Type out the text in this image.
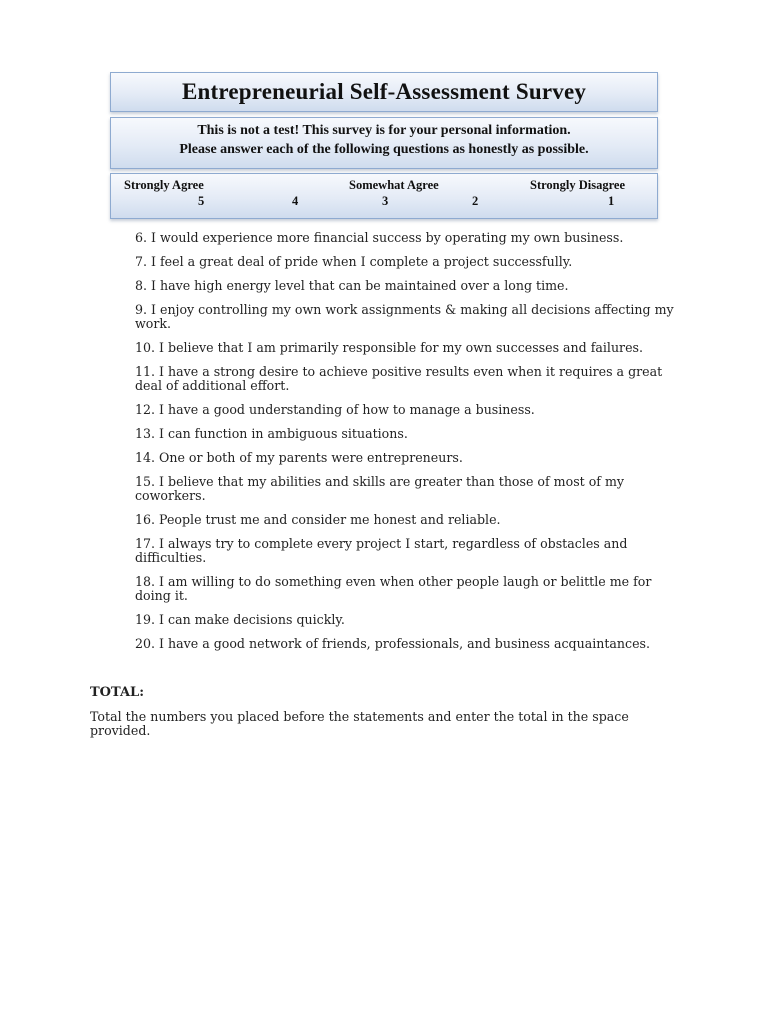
Entrepreneurial Self-Assessment Survey
This is not a test! This survey is for your personal information.
Please answer each of the following questions as honestly as possible.
Strongly Agree	Somewhat Agree	Strongly Disagree
5	4	3	2	1
6. I would experience more financial success by operating my own business.
7. I feel a great deal of pride when I complete a project successfully.
8. I have high energy level that can be maintained over a long time.
9. I enjoy controlling my own work assignments & making all decisions affecting my work.
10. I believe that I am primarily responsible for my own successes and failures.
11. I have a strong desire to achieve positive results even when it requires a great deal of additional effort.
12. I have a good understanding of how to manage a business.
13. I can function in ambiguous situations.
14. One or both of my parents were entrepreneurs.
15. I believe that my abilities and skills are greater than those of most of my coworkers.
16. People trust me and consider me honest and reliable.
17. I always try to complete every project I start, regardless of obstacles and difficulties.
18. I am willing to do something even when other people laugh or belittle me for doing it.
19. I can make decisions quickly.
20. I have a good network of friends, professionals, and business acquaintances.
TOTAL:
Total the numbers you placed before the statements and enter the total in the space provided.
